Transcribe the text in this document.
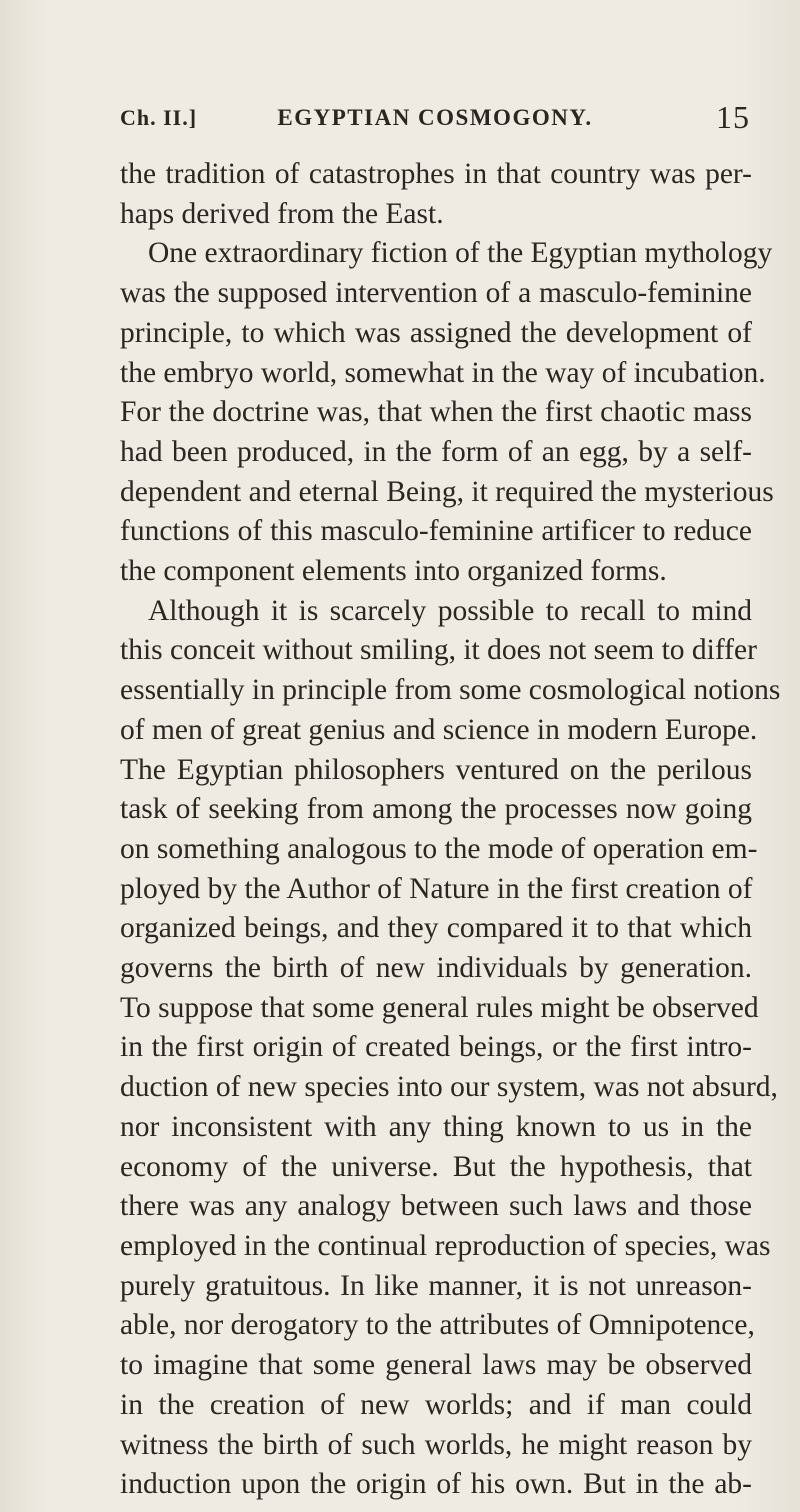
Ch. II.]	EGYPTIAN COSMOGONY.	15
the tradition of catastrophes in that country was per-
haps derived from the East.
One extraordinary fiction of the Egyptian mythology
was the supposed intervention of a masculo-feminine
principle, to which was assigned the development of
the embryo world, somewhat in the way of incubation.
For the doctrine was, that when the first chaotic mass
had been produced, in the form of an egg, by a self-
dependent and eternal Being, it required the mysterious
functions of this masculo-feminine artificer to reduce
the component elements into organized forms.
Although it is scarcely possible to recall to mind
this conceit without smiling, it does not seem to differ
essentially in principle from some cosmological notions
of men of great genius and science in modern Europe.
The Egyptian philosophers ventured on the perilous
task of seeking from among the processes now going
on something analogous to the mode of operation em-
ployed by the Author of Nature in the first creation of
organized beings, and they compared it to that which
governs the birth of new individuals by generation.
To suppose that some general rules might be observed
in the first origin of created beings, or the first intro-
duction of new species into our system, was not absurd,
nor inconsistent with any thing known to us in the
economy of the universe. But the hypothesis, that
there was any analogy between such laws and those
employed in the continual reproduction of species, was
purely gratuitous. In like manner, it is not unreason-
able, nor derogatory to the attributes of Omnipotence,
to imagine that some general laws may be observed
in the creation of new worlds; and if man could
witness the birth of such worlds, he might reason by
induction upon the origin of his own. But in the ab-
